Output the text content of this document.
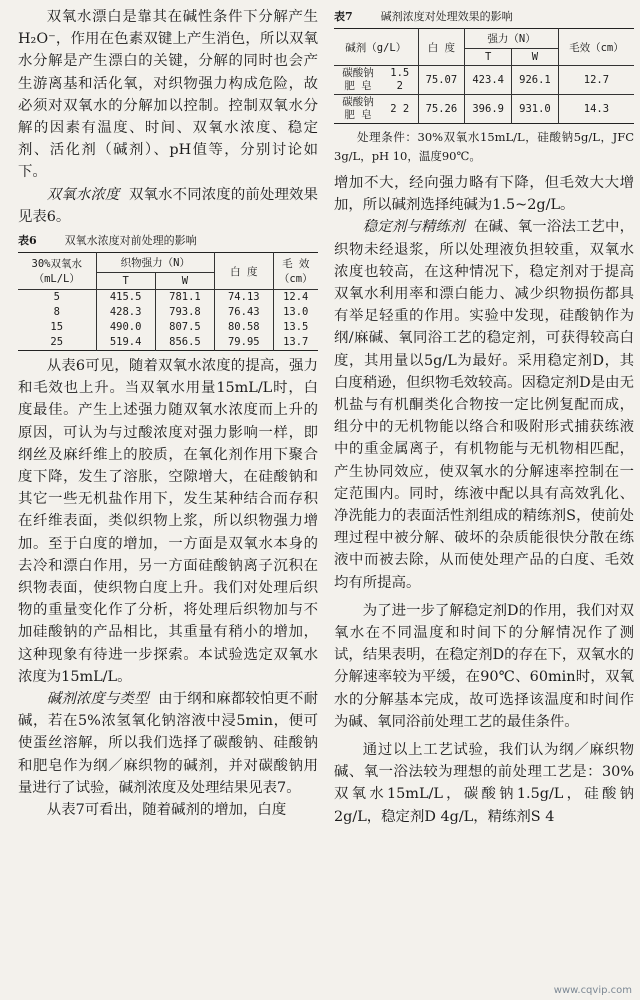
双氧水漂白是靠其在碱性条件下分解产生H₂O⁻，作用在色素双键上产生消色，所以双氧水分解是产生漂白的关键，分解的同时也会产生游离基和活化氧，对织物强力构成危险，故必须对双氧水的分解加以控制。控制双氧水分解的因素有温度、时间、双氧水浓度、稳定剂、活化剂（碱剂）、pH值等，分别讨论如下。

双氧水浓度 双氧水不同浓度的前处理效果见表6。

表6	双氧水浓度对前处理的影响
30%双氧水（mL/L）	织物强力（N）		白 度	毛 效（cm）
	T	W		
5	415.5	781.1	74.13	12.4
8	428.3	793.8	76.43	13.0
15	490.0	807.5	80.58	13.5
25	519.4	856.5	79.95	13.7

从表6可见，随着双氧水浓度的提高，强力和毛效也上升。当双氧水用量15mL/L时，白度最佳。产生上述强力随双氧水浓度而上升的原因，可认为与过酸浓度对强力影响一样，即纲丝及麻纤维上的胶质，在氧化剂作用下聚合度下降，发生了溶胀，空隙增大，在硅酸钠和其它一些无机盐作用下，发生某种结合而存积在纤维表面，类似织物上浆，所以织物强力增加。至于白度的增加，一方面是双氧水本身的去冷和漂白作用，另一方面硅酸钠离子沉积在织物表面，使织物白度上升。我们对处理后织物的重量变化作了分析，将处理后织物加与不加硅酸钠的产品相比，其重量有稍小的增加，这种现象有待进一步探索。本试验选定双氧水浓度为15mL/L。

碱剂浓度与类型 由于纲和麻都较怕更不耐碱，若在5%浓氢氧化钠溶液中浸5min，便可使蛋丝溶解，所以我们选择了碳酸钠、硅酸钠和肥皂作为纲／麻织物的碱剂，并对碳酸钠用量进行了试验，碱剂浓度及处理结果见表7。

从表7可看出，随着碱剂的增加，白度

表7	碱剂浓度对处理效果的影响
碱剂（g/L）		白 度	强力（N）		毛效（cm）
			T	W	
碳酸钠 肥 皂	1.5 2	75.07	423.4	926.1	12.7
碳酸钠 肥 皂	2 2	75.26	396.9	931.0	14.3

处理条件：30%双氧水15mL/L，硅酸钠5g/L，JFC 3g/L，pH 10，温度90℃。

增加不大，经向强力略有下降，但毛效大大增加，所以碱剂选择纯碱为1.5~2g/L。

稳定剂与精练剂 在碱、氧一浴法工艺中，织物未经退浆，所以处理液负担较重，双氧水浓度也较高，在这种情况下，稳定剂对于提高双氧水利用率和漂白能力、减少织物损伤都具有举足轻重的作用。实验中发现，硅酸钠作为纲/麻碱、氧同浴工艺的稳定剂，可获得较高白度，其用量以5g/L为最好。采用稳定剂D，其白度稍逊，但织物毛效较高。因稳定剂D是由无机盐与有机酮类化合物按一定比例复配而成，组分中的无机物能以络合和吸附形式捕获练液中的重金属离子，有机物能与无机物相匹配，产生协同效应，使双氧水的分解速率控制在一定范围内。同时，练液中配以具有高效乳化、净洗能力的表面活性剂组成的精练剂S，使前处理过程中被分解、破坏的杂质能很快分散在练液中而被去除，从而使处理产品的白度、毛效均有所提高。

为了进一步了解稳定剂D的作用，我们对双氧水在不同温度和时间下的分解情况作了测试，结果表明，在稳定剂D的存在下，双氧水的分解速率较为平缓，在90℃、60min时，双氧水的分解基本完成，故可选择该温度和时间作为碱、氧同浴前处理工艺的最佳条件。

通过以上工艺试验，我们认为纲／麻织物碱、氧一浴法较为理想的前处理工艺是：30%双氧水15mL/L，碳酸钠1.5g/L，硅酸钠2g/L，稳定剂D 4g/L，精练剂S 4

www.cqvip.com
